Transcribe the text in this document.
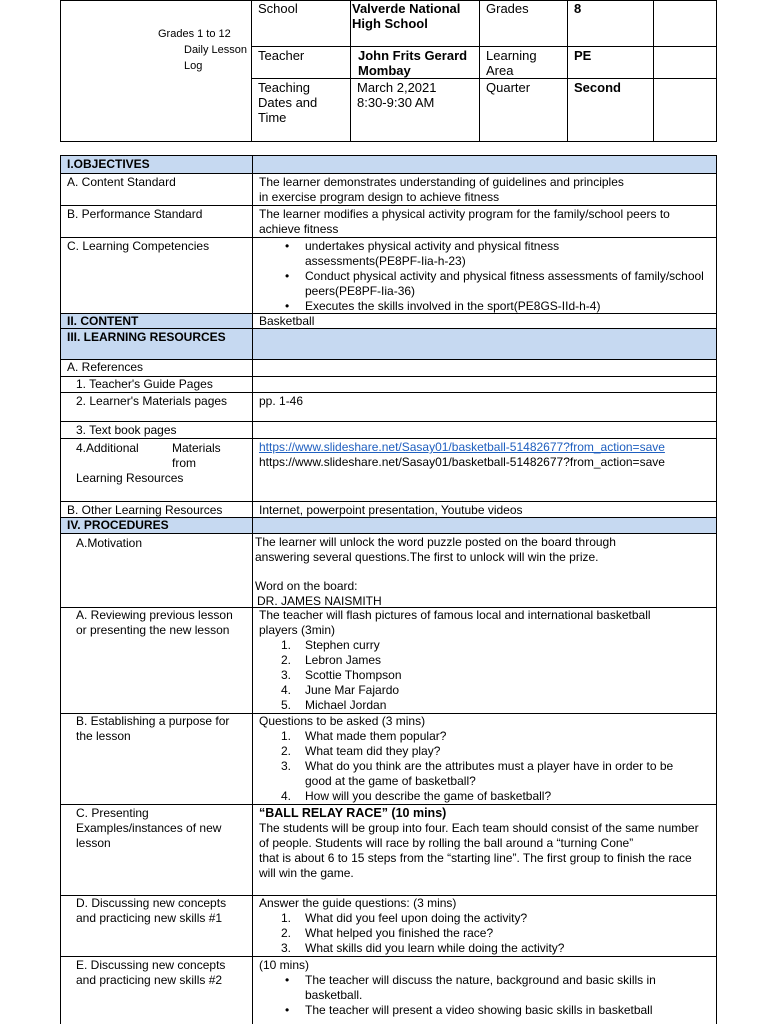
Grades 1 to 12
Daily Lesson
Log
School	Valverde National High School
Grades	8
Teacher	John Frits Gerard Mombay
Learning Area
PE
Teaching Dates and Time
March 2,2021
8:30-9:30 AM
Quarter	Second
I.OBJECTIVES
A. Content Standard	The learner demonstrates understanding of guidelines and principles in exercise program design to achieve fitness
B. Performance Standard	The learner modifies a physical activity program for the family/school peers to achieve fitness
C. Learning Competencies
•	undertakes physical activity and physical fitness assessments(PE8PF-Iia-h-23)
• Conduct physical activity and physical fitness assessments of family/school peers(PE8PF-Iia-36)
• Executes the skills involved in the sport(PE8GS-IId-h-4)
II. CONTENT	Basketball
III. LEARNING RESOURCES
A. References
1. Teacher's Guide Pages
2. Learner's Materials pages	pp. 1-46
3. Text book pages
4.Additional	Materials
from
Learning Resources
https://www.slideshare.net/Sasay01/basketball-51482677?from_action=save https://www.slideshare.net/Sasay01/basketball-51482677?from_action=save
B. Other Learning Resources	Internet, powerpoint presentation, Youtube videos
IV. PROCEDURES
A.Motivation	The learner will unlock the word puzzle posted on the board through answering several questions.The first to unlock will win the prize.
Word on the board:
DR. JAMES NAISMITH
A. Reviewing previous lesson or presenting the new lesson
The teacher will flash pictures of famous local and international basketball players (3min)
1. Stephen curry
2. Lebron James
3. Scottie Thompson
4. June Mar Fajardo
5. Michael Jordan
B. Establishing a purpose for the lesson
Questions to be asked (3 mins)
1. What made them popular?
2. What team did they play?
3. What do you think are the attributes must a player have in order to be good at the game of basketball?
4. How will you describe the game of basketball?
C. Presenting Examples/instances of new lesson
“BALL RELAY RACE” (10 mins)
The students will be group into four. Each team should consist of the same number of people. Students will race by rolling the ball around a “turning Cone”
that is about 6 to 15 steps from the “starting line”. The first group to finish the race will win the game.
D. Discussing new concepts and practicing new skills #1
Answer the guide questions: (3 mins)
1. What did you feel upon doing the activity?
2. What helped you finished the race?
3. What skills did you learn while doing the activity?
E. Discussing new concepts and practicing new skills #2
(10 mins)
• The teacher will discuss the nature, background and basic skills in basketball.
• The teacher will present a video showing basic skills in basketball
